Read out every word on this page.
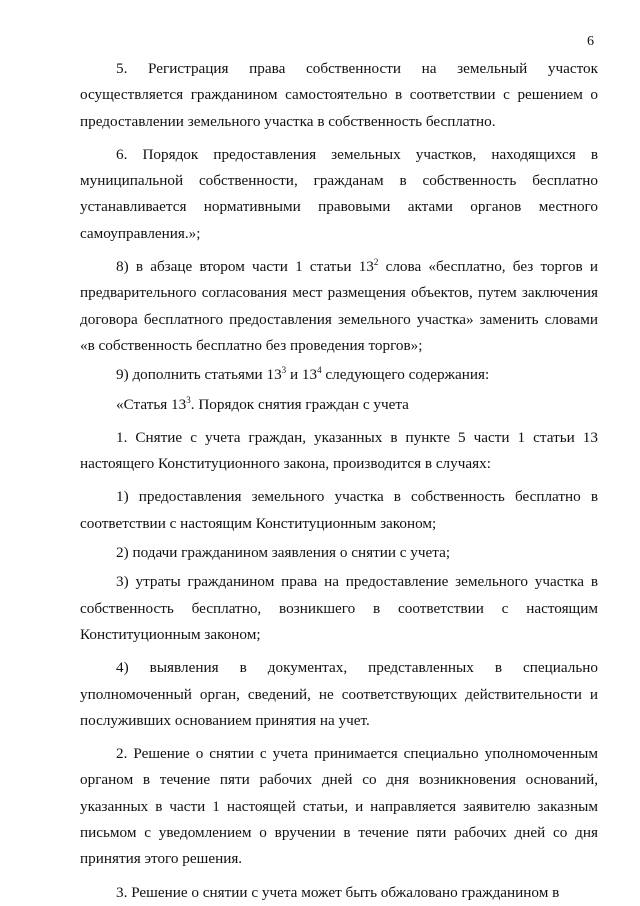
6

5. Регистрация права собственности на земельный участок осуществляется гражданином самостоятельно в соответствии с решением о предоставлении земельного участка в собственность бесплатно.

6. Порядок предоставления земельных участков, находящихся в муниципальной собственности, гражданам в собственность бесплатно устанавливается нормативными правовыми актами органов местного самоуправления.»;

8) в абзаце втором части 1 статьи $13^2$ слова «бесплатно, без торгов и предварительного согласования мест размещения объектов, путем заключения договора бесплатного предоставления земельного участка» заменить словами «в собственность бесплатно без проведения торгов»;

9) дополнить статьями $13^3$ и $13^4$ следующего содержания:

«Статья $13^3$. Порядок снятия граждан с учета

1. Снятие с учета граждан, указанных в пункте 5 части 1 статьи 13 настоящего Конституционного закона, производится в случаях:

1) предоставления земельного участка в собственность бесплатно в соответствии с настоящим Конституционным законом;

2) подачи гражданином заявления о снятии с учета;

3) утраты гражданином права на предоставление земельного участка в собственность бесплатно, возникшего в соответствии с настоящим Конституционным законом;

4) выявления в документах, представленных в специально уполномоченный орган, сведений, не соответствующих действительности и послуживших основанием принятия на учет.

2. Решение о снятии с учета принимается специально уполномоченным органом в течение пяти рабочих дней со дня возникновения оснований, указанных в части 1 настоящей статьи, и направляется заявителю заказным письмом с уведомлением о вручении в течение пяти рабочих дней со дня принятия этого решения.

3. Решение о снятии с учета может быть обжаловано гражданином в
